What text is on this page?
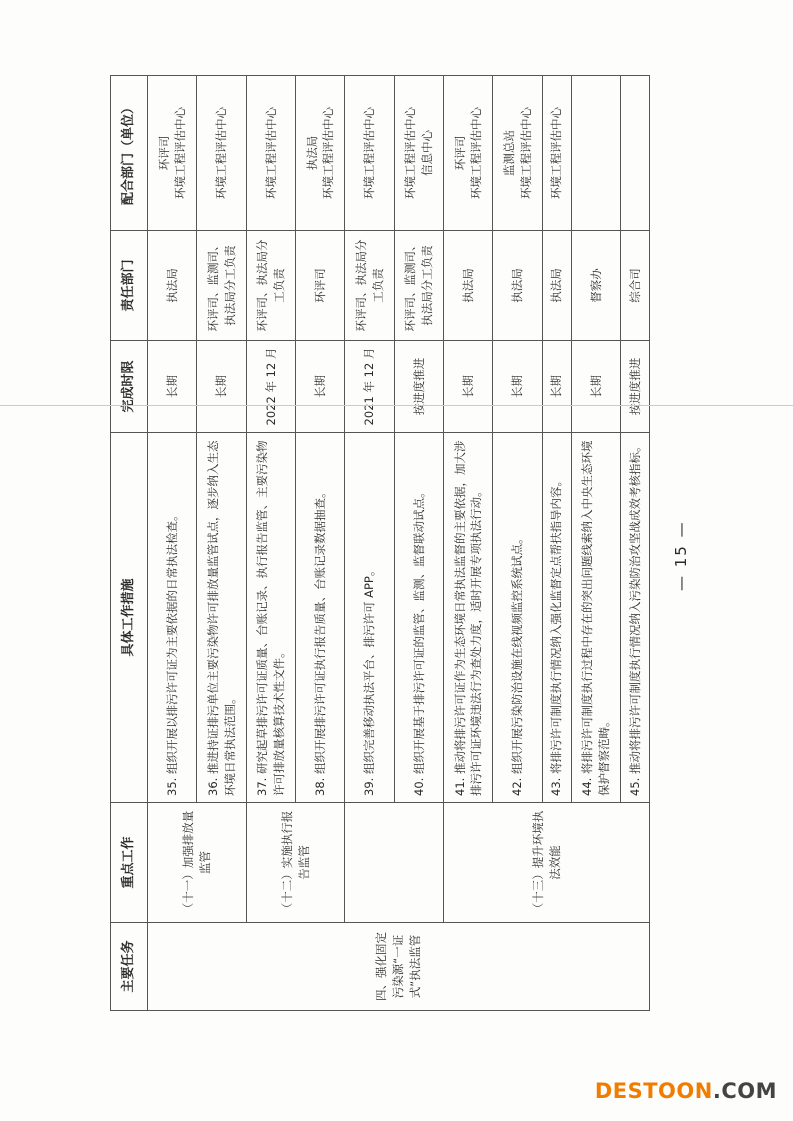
主要任务	重点工作	具体工作措施	完成时限	责任部门	配合部门（单位）
四、强化固定污染源“一证式”执法监管	（十一）加强排放量监管	35. 组织开展以排污许可证为主要依据的日常执法检查。	长期	执法局	环评司
环境工程评估中心
		36. 推进持证排污单位主要污染物许可排放量监管试点，逐步纳入生态环境日常执法范围。	长期	环评司、监测司、执法局分工负责	环境工程评估中心
	（十二）实施执行报告监管	37. 研究起草排污许可证质量、台账记录、执行报告监管、主要污染物许可排放量核算技术性文件。	2022 年 12 月	环评司、执法局分工负责	环境工程评估中心
		38. 组织开展排污许可证执行报告质量、台账记录数据抽查。	长期	环评司	执法局
环境工程评估中心
		39. 组织完善移动执法平台、排污许可 APP。	2021 年 12 月	环评司、执法局分工负责	环境工程评估中心
		40. 组织开展基于排污许可证的监管、监测、监督联动试点。	按进度推进	环评司、监测司、执法局分工负责	环境工程评估中心
信息中心
	（十三）提升环境执法效能	41. 推动将排污许可证作为生态环境日常执法监督的主要依据，加大涉排污许可证环境违法行为查处力度，适时开展专项执法行动。	长期	执法局	环评司
环境工程评估中心
		42. 组织开展污染防治设施在线视频监控系统试点。	长期	执法局	监测总站
环境工程评估中心
		43. 将排污许可制度执行情况纳入强化监督定点帮扶指导内容。	长期	执法局	环境工程评估中心
		44. 将排污许可制度执行过程中存在的突出问题线索纳入中央生态环境保护督察范畴。	长期	督察办	
		45. 推动将排污许可制度执行情况纳入污染防治攻坚战成效考核指标。	按进度推进	综合司	
— 15 —
DESTOON.COM
